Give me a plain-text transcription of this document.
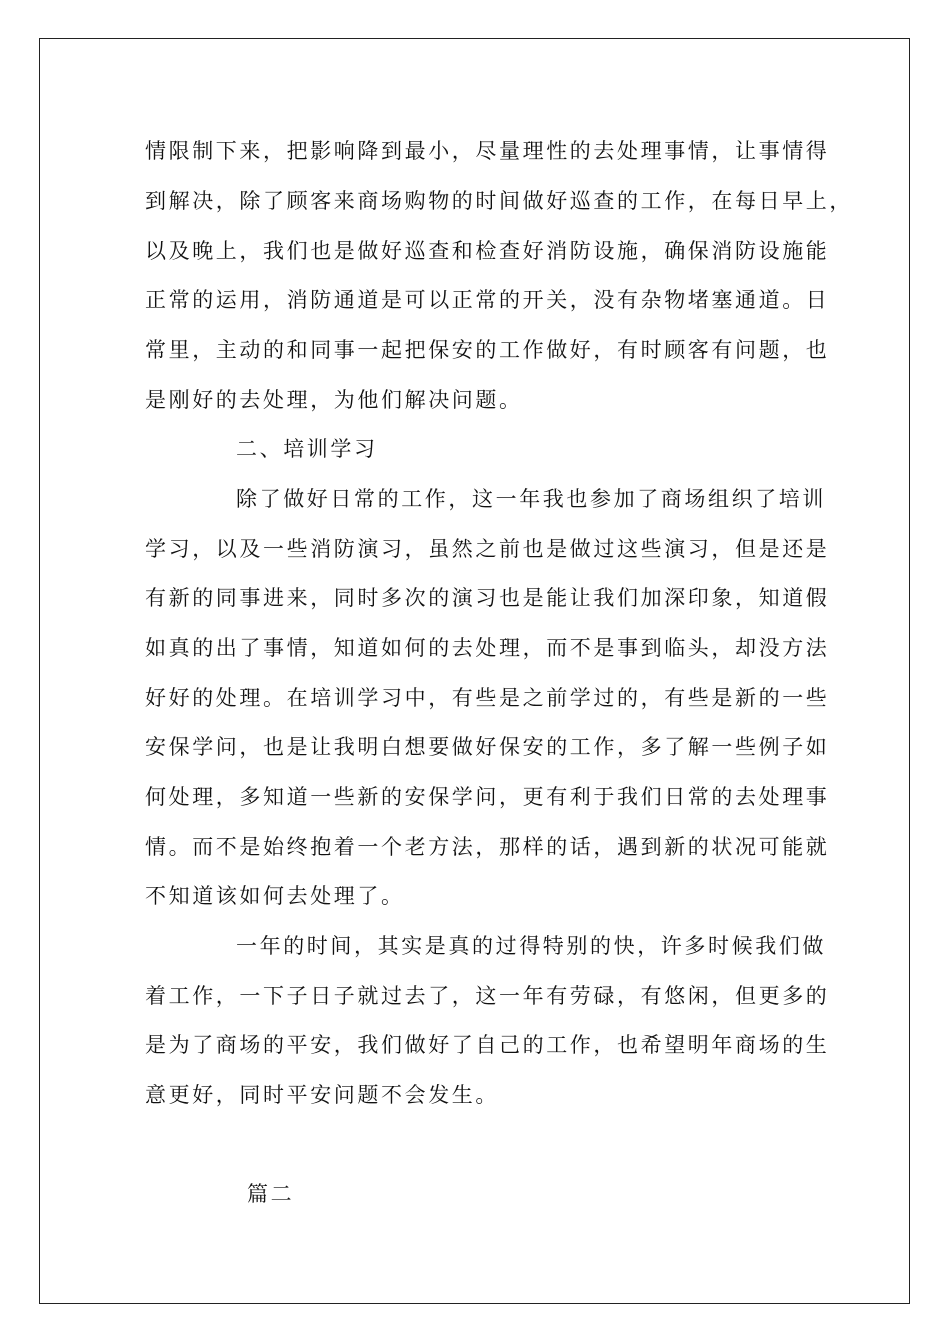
情限制下来，把影响降到最小，尽量理性的去处理事情，让事情得
到解决，除了顾客来商场购物的时间做好巡查的工作，在每日早上，
以及晚上，我们也是做好巡查和检查好消防设施，确保消防设施能
正常的运用，消防通道是可以正常的开关，没有杂物堵塞通道。日
常里，主动的和同事一起把保安的工作做好，有时顾客有问题，也
是刚好的去处理，为他们解决问题。
二、培训学习
除了做好日常的工作，这一年我也参加了商场组织了培训
学习，以及一些消防演习，虽然之前也是做过这些演习，但是还是
有新的同事进来，同时多次的演习也是能让我们加深印象，知道假
如真的出了事情，知道如何的去处理，而不是事到临头，却没方法
好好的处理。在培训学习中，有些是之前学过的，有些是新的一些
安保学问，也是让我明白想要做好保安的工作，多了解一些例子如
何处理，多知道一些新的安保学问，更有利于我们日常的去处理事
情。而不是始终抱着一个老方法，那样的话，遇到新的状况可能就
不知道该如何去处理了。
一年的时间，其实是真的过得特别的快，许多时候我们做
着工作，一下子日子就过去了，这一年有劳碌，有悠闲，但更多的
是为了商场的平安，我们做好了自己的工作，也希望明年商场的生
意更好，同时平安问题不会发生。
篇二
